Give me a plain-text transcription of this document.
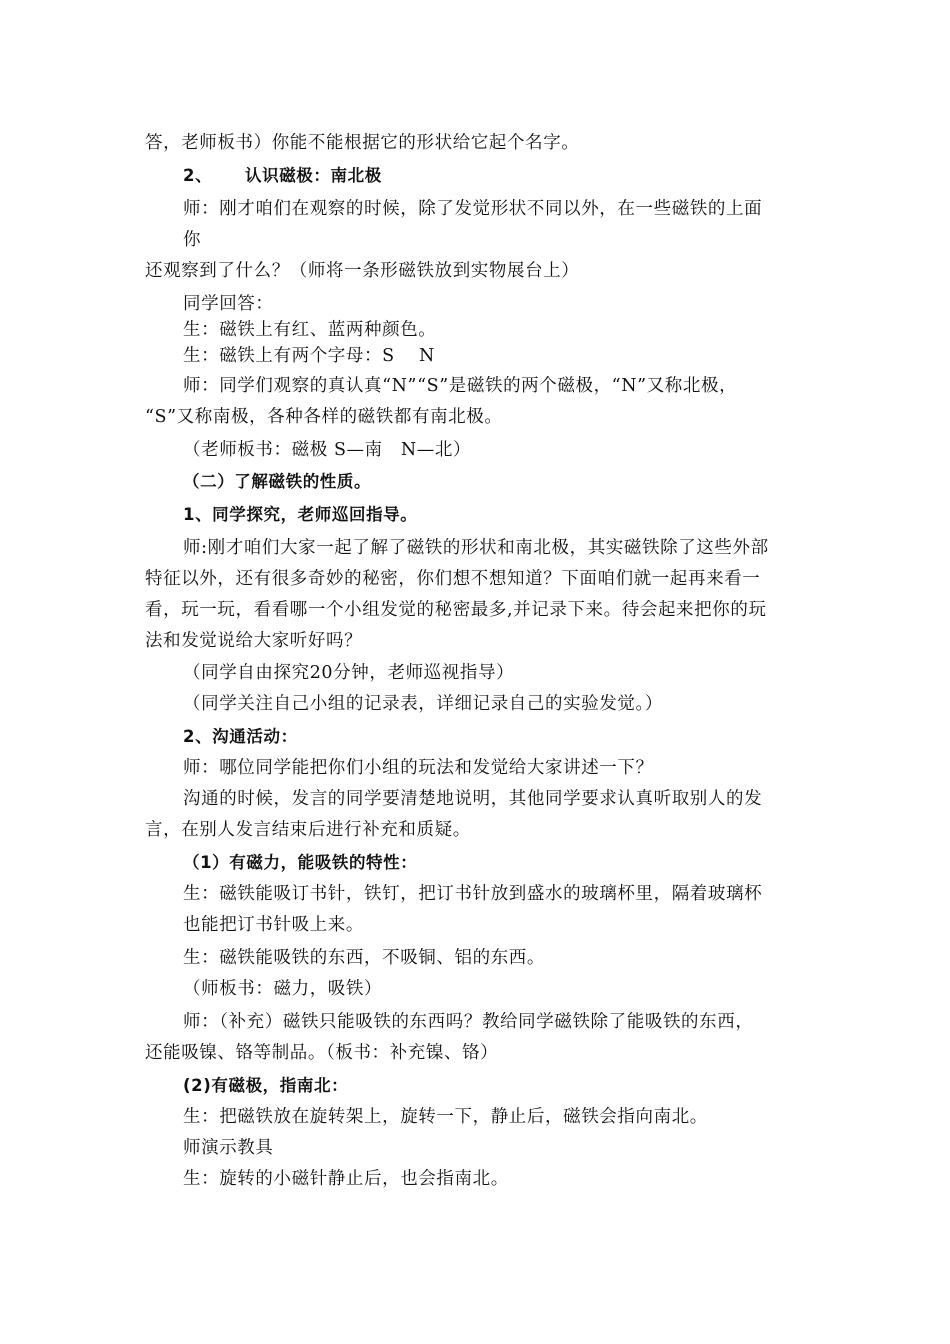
答，老师板书）你能不能根据它的形状给它起个名字。
2、 认识磁极：南北极
师：刚才咱们在观察的时候，除了发觉形状不同以外，在一些磁铁的上面
你
还观察到了什么？（师将一条形磁铁放到实物展台上）
同学回答：
生：磁铁上有红、蓝两种颜色。
生：磁铁上有两个字母：S　 N
师：同学们观察的真认真“N”“S”是磁铁的两个磁极，“N”又称北极，
“S”又称南极，各种各样的磁铁都有南北极。
（老师板书：磁极 S—南　N—北）
（二）了解磁铁的性质。
1、同学探究，老师巡回指导。
师:刚才咱们大家一起了解了磁铁的形状和南北极，其实磁铁除了这些外部
特征以外，还有很多奇妙的秘密，你们想不想知道？下面咱们就一起再来看一
看，玩一玩，看看哪一个小组发觉的秘密最多,并记录下来。待会起来把你的玩
法和发觉说给大家听好吗？
（同学自由探究20分钟，老师巡视指导）
（同学关注自己小组的记录表，详细记录自己的实验发觉。）
2、沟通活动：
师：哪位同学能把你们小组的玩法和发觉给大家讲述一下？
沟通的时候，发言的同学要清楚地说明，其他同学要求认真听取别人的发
言，在别人发言结束后进行补充和质疑。
（1）有磁力，能吸铁的特性：
生：磁铁能吸订书针，铁钉，把订书针放到盛水的玻璃杯里，隔着玻璃杯
也能把订书针吸上来。
生：磁铁能吸铁的东西，不吸铜、铝的东西。
（师板书：磁力，吸铁）
师：（补充）磁铁只能吸铁的东西吗？教给同学磁铁除了能吸铁的东西，
还能吸镍、铬等制品。（板书：补充镍、铬）
(2)有磁极，指南北：
生：把磁铁放在旋转架上，旋转一下，静止后，磁铁会指向南北。
师演示教具
生：旋转的小磁针静止后，也会指南北。
